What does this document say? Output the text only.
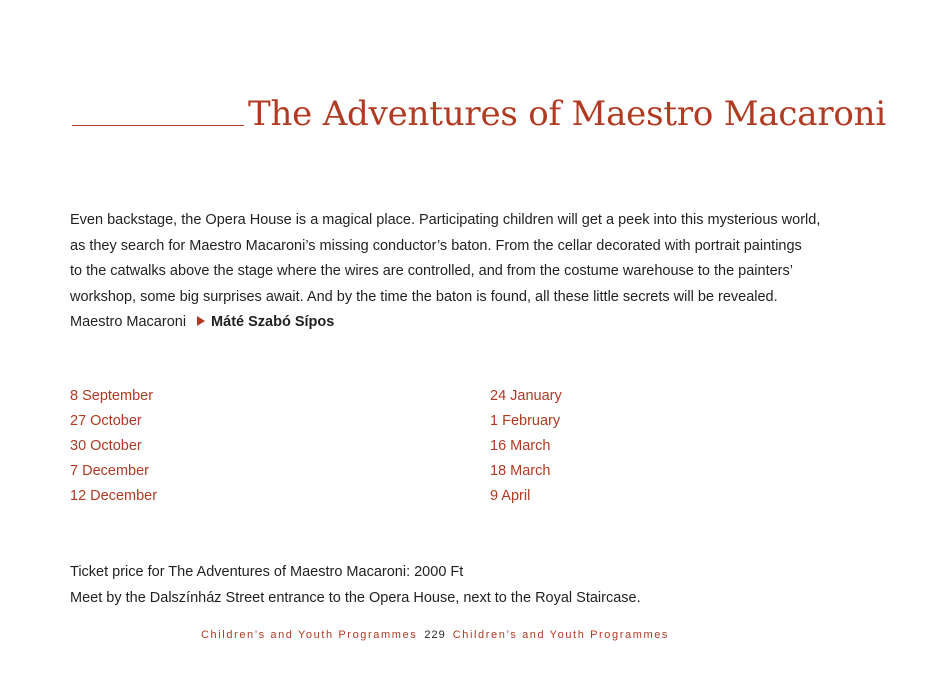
The Adventures of Maestro Macaroni

Even backstage, the Opera House is a magical place. Participating children will get a peek into this mysterious world,

as they search for Maestro Macaroni’s missing conductor’s baton. From the cellar decorated with portrait paintings

to the catwalks above the stage where the wires are controlled, and from the costume warehouse to the painters’

workshop, some big surprises await. And by the time the baton is found, all these little secrets will be revealed.

Maestro Macaroni Máté Szabó Sípos
8 September
27 October
30 October
7 December
12 December
24 January
1 February
16 March
18 March
9 April

Ticket price for The Adventures of Maestro Macaroni: 2000 Ft

Meet by the Dalszínház Street entrance to the Opera House, next to the Royal Staircase.

Children’s and Youth Programmes 229 Children’s and Youth Programmes
